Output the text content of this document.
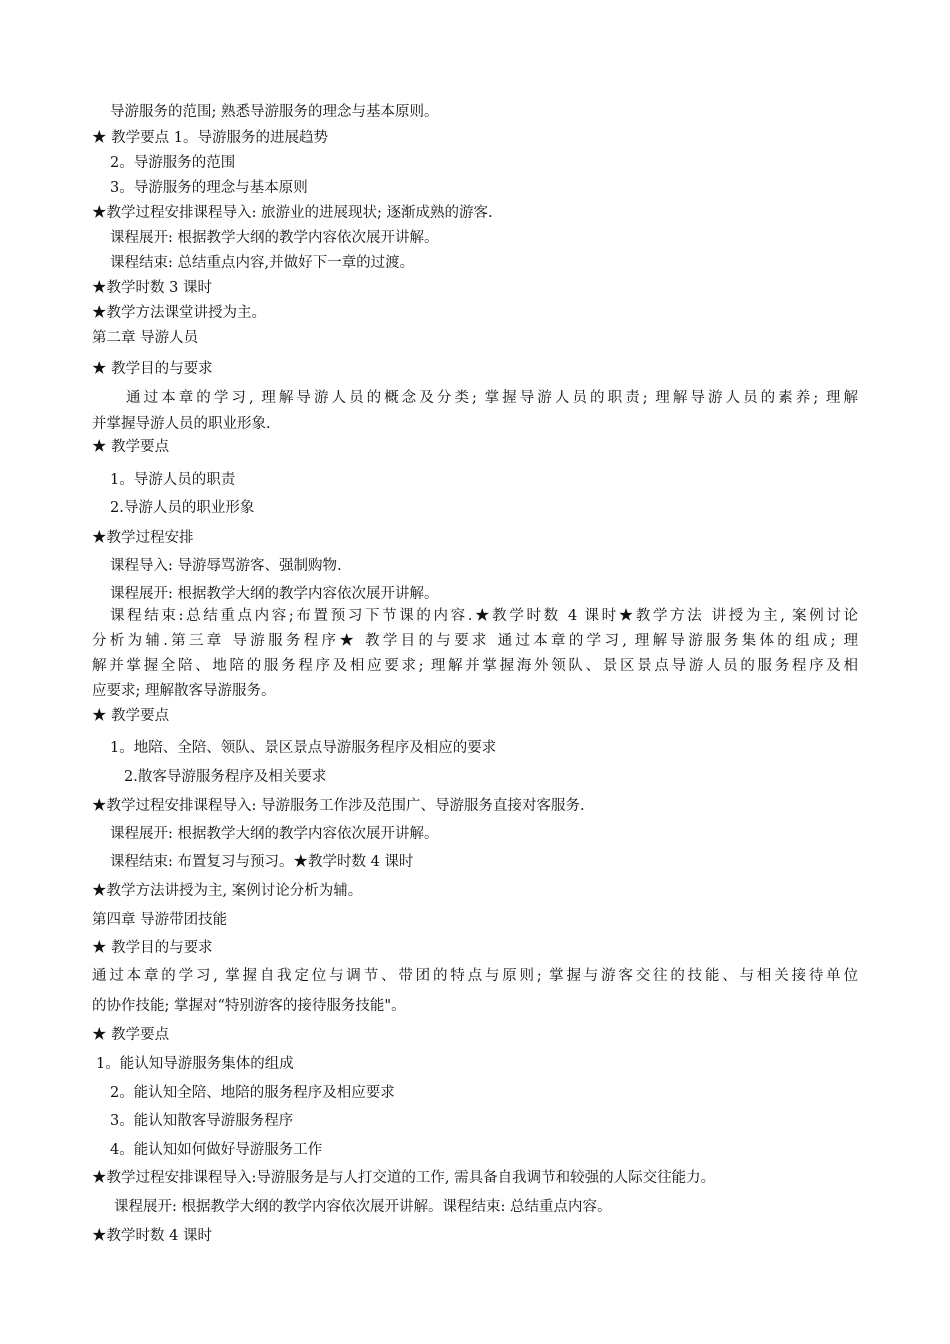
导游服务的范围; 熟悉导游服务的理念与基本原则。
★ 教学要点 1。导游服务的进展趋势
2。导游服务的范围
3。导游服务的理念与基本原则
★教学过程安排课程导入: 旅游业的进展现状; 逐渐成熟的游客.
课程展开: 根据教学大纲的教学内容依次展开讲解。
课程结束: 总结重点内容,并做好下一章的过渡。
★教学时数 3 课时
★教学方法课堂讲授为主。
第二章 导游人员
★ 教学目的与要求
通过本章的学习, 理解导游人员的概念及分类; 掌握导游人员的职责; 理解导游人员的素养; 理解
并掌握导游人员的职业形象.
★ 教学要点
1。导游人员的职责
2.导游人员的职业形象
★教学过程安排
课程导入: 导游辱骂游客、强制购物.
课程展开: 根据教学大纲的教学内容依次展开讲解。
课程结束:总结重点内容;布置预习下节课的内容.★教学时数 4 课时★教学方法 讲授为主, 案例讨论
分析为辅.第三章 导游服务程序★ 教学目的与要求 通过本章的学习, 理解导游服务集体的组成; 理
解并掌握全陪、地陪的服务程序及相应要求; 理解并掌握海外领队、景区景点导游人员的服务程序及相
应要求; 理解散客导游服务。
★ 教学要点
1。地陪、全陪、领队、景区景点导游服务程序及相应的要求
2.散客导游服务程序及相关要求
★教学过程安排课程导入: 导游服务工作涉及范围广、导游服务直接对客服务.
课程展开: 根据教学大纲的教学内容依次展开讲解。
课程结束: 布置复习与预习。★教学时数 4 课时
★教学方法讲授为主, 案例讨论分析为辅。
第四章 导游带团技能
★ 教学目的与要求
通过本章的学习, 掌握自我定位与调节、带团的特点与原则; 掌握与游客交往的技能、与相关接待单位
的协作技能; 掌握对“特别游客的接待服务技能"。
★ 教学要点
1。能认知导游服务集体的组成
2。能认知全陪、地陪的服务程序及相应要求
3。能认知散客导游服务程序
4。能认知如何做好导游服务工作
★教学过程安排课程导入:导游服务是与人打交道的工作, 需具备自我调节和较强的人际交往能力。
课程展开: 根据教学大纲的教学内容依次展开讲解。课程结束: 总结重点内容。
★教学时数 4 课时
